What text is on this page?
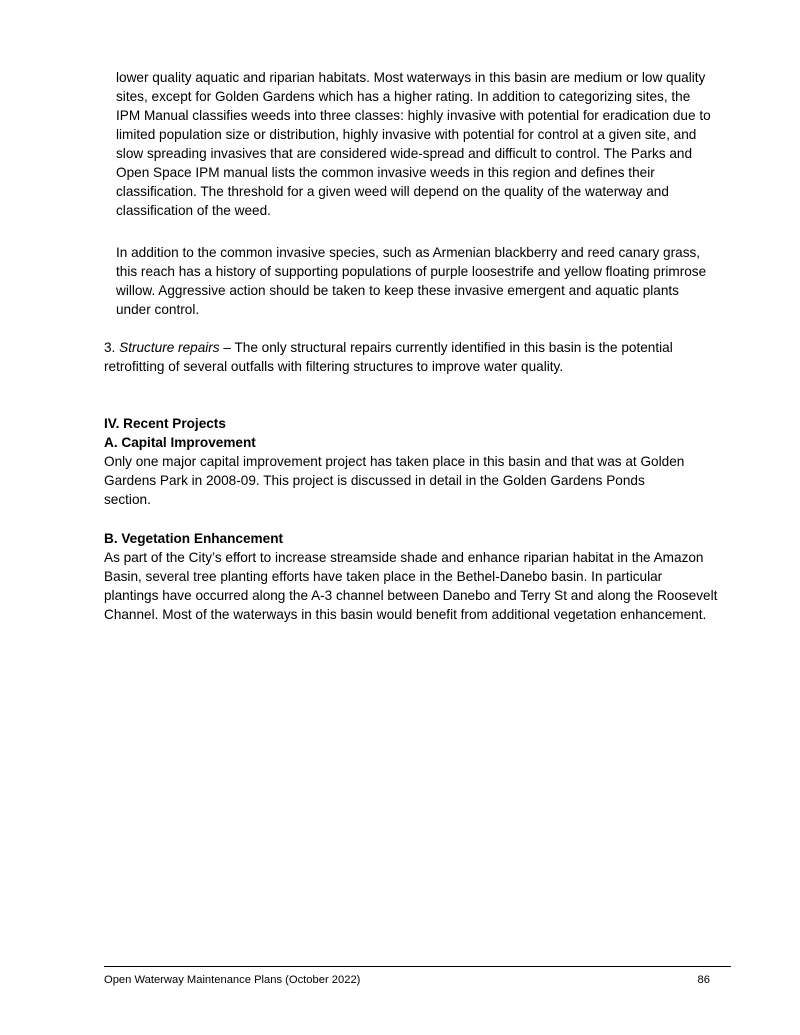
lower quality aquatic and riparian habitats. Most waterways in this basin are medium or low quality sites, except for Golden Gardens which has a higher rating. In addition to categorizing sites, the IPM Manual classifies weeds into three classes: highly invasive with potential for eradication due to limited population size or distribution, highly invasive with potential for control at a given site, and slow spreading invasives that are considered wide-spread and difficult to control. The Parks and Open Space IPM manual lists the common invasive weeds in this region and defines their classification. The threshold for a given weed will depend on the quality of the waterway and classification of the weed.

In addition to the common invasive species, such as Armenian blackberry and reed canary grass, this reach has a history of supporting populations of purple loosestrife and yellow floating primrose willow. Aggressive action should be taken to keep these invasive emergent and aquatic plants under control.

3. Structure repairs – The only structural repairs currently identified in this basin is the potential retrofitting of several outfalls with filtering structures to improve water quality.

IV. Recent Projects

A. Capital Improvement

Only one major capital improvement project has taken place in this basin and that was at Golden Gardens Park in 2008-09. This project is discussed in detail in the Golden Gardens Ponds section.

B. Vegetation Enhancement

As part of the City’s effort to increase streamside shade and enhance riparian habitat in the Amazon Basin, several tree planting efforts have taken place in the Bethel-Danebo basin. In particular plantings have occurred along the A-3 channel between Danebo and Terry St and along the Roosevelt Channel. Most of the waterways in this basin would benefit from additional vegetation enhancement.

Open Waterway Maintenance Plans (October 2022)	86
